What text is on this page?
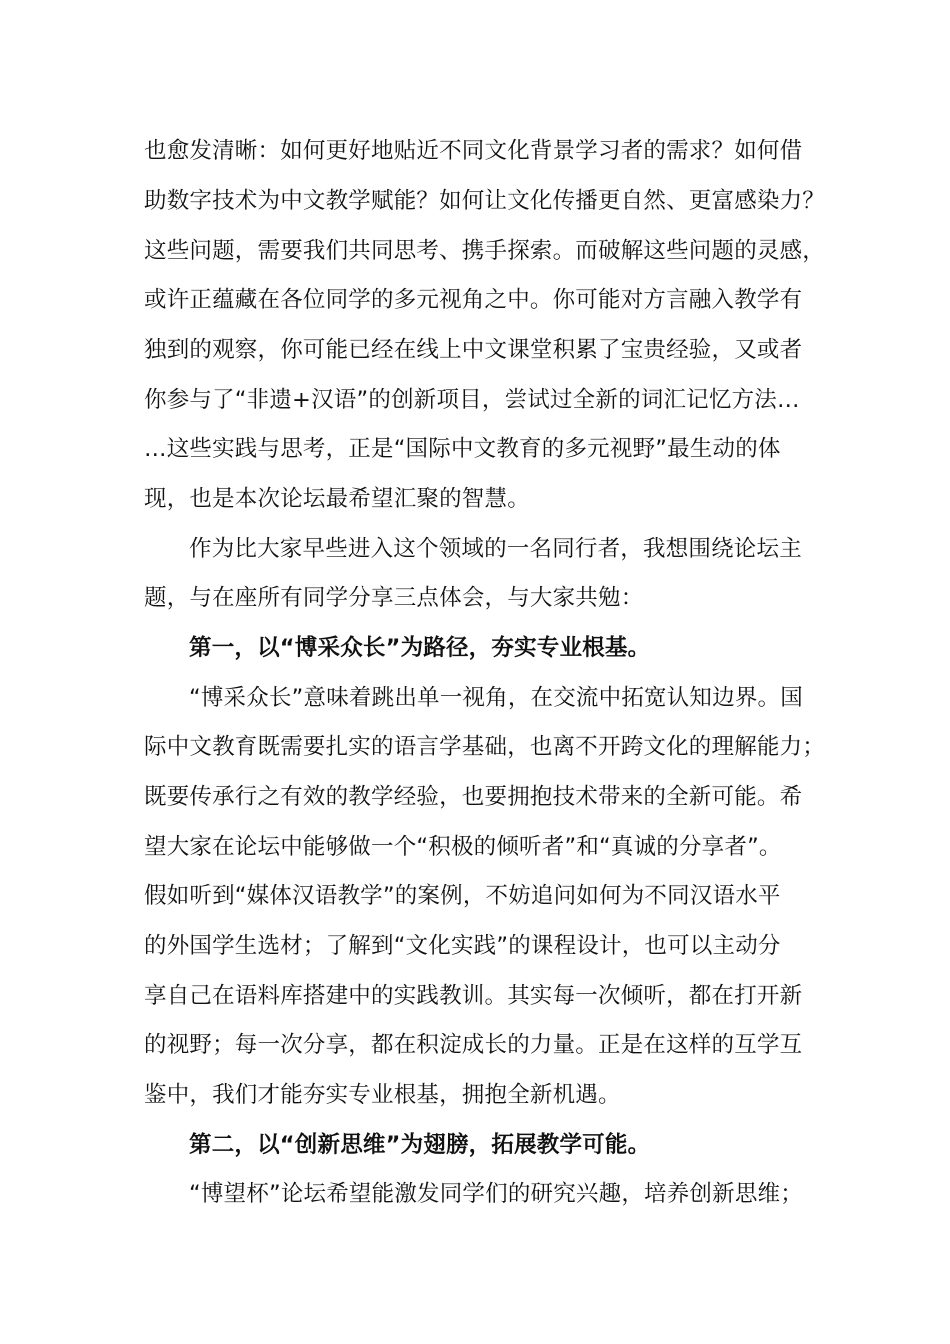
也愈发清晰：如何更好地贴近不同文化背景学习者的需求？如何借
助数字技术为中文教学赋能？如何让文化传播更自然、更富感染力？
这些问题，需要我们共同思考、携手探索。而破解这些问题的灵感，
或许正蕴藏在各位同学的多元视角之中。你可能对方言融入教学有
独到的观察，你可能已经在线上中文课堂积累了宝贵经验，又或者
你参与了“非遗+汉语”的创新项目，尝试过全新的词汇记忆方法…
…这些实践与思考，正是“国际中文教育的多元视野”最生动的体
现，也是本次论坛最希望汇聚的智慧。
作为比大家早些进入这个领域的一名同行者，我想围绕论坛主
题，与在座所有同学分享三点体会，与大家共勉：
第一，以“博采众长”为路径，夯实专业根基。
“博采众长”意味着跳出单一视角，在交流中拓宽认知边界。国
际中文教育既需要扎实的语言学基础，也离不开跨文化的理解能力；
既要传承行之有效的教学经验，也要拥抱技术带来的全新可能。希
望大家在论坛中能够做一个“积极的倾听者”和“真诚的分享者”。
假如听到“媒体汉语教学”的案例，不妨追问如何为不同汉语水平
的外国学生选材；了解到“文化实践”的课程设计，也可以主动分
享自己在语料库搭建中的实践教训。其实每一次倾听，都在打开新
的视野；每一次分享，都在积淀成长的力量。正是在这样的互学互
鉴中，我们才能夯实专业根基，拥抱全新机遇。
第二，以“创新思维”为翅膀，拓展教学可能。
“博望杯”论坛希望能激发同学们的研究兴趣，培养创新思维；
